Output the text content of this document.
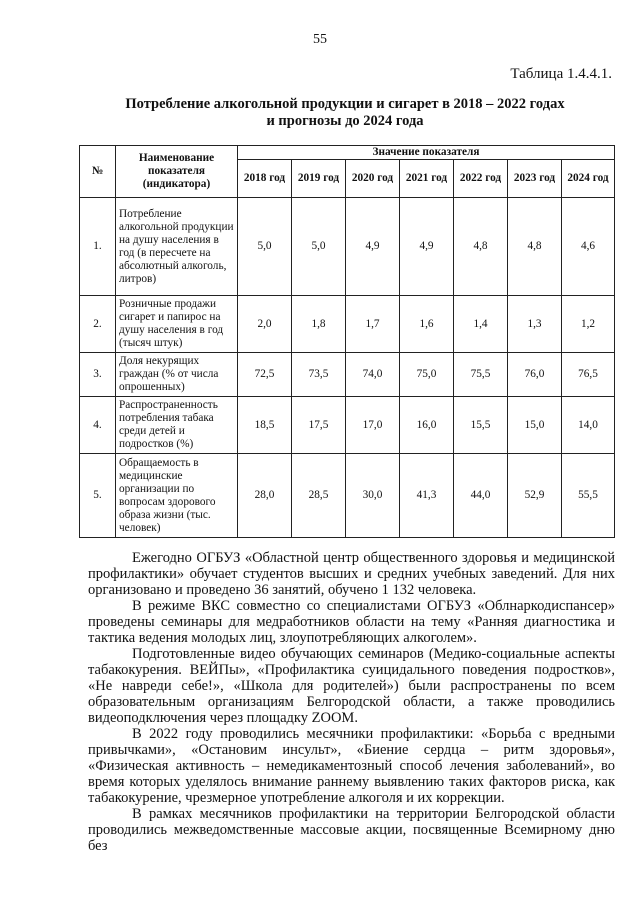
55
Таблица 1.4.4.1.
Потребление алкогольной продукции и сигарет в 2018 – 2022 годах
и прогнозы до 2024 года
№	Наименование показателя (индикатора)	Значение показателя						
		2018 год	2019 год	2020 год	2021 год	2022 год	2023 год	2024 год
1.	Потребление алкогольной продукции на душу населения в год (в пересчете на абсолютный алкоголь, литров)	5,0	5,0	4,9	4,9	4,8	4,8	4,6
2.	Розничные продажи сигарет и папирос на душу населения в год (тысяч штук)	2,0	1,8	1,7	1,6	1,4	1,3	1,2
3.	Доля некурящих граждан (% от числа опрошенных)	72,5	73,5	74,0	75,0	75,5	76,0	76,5
4.	Распространенность потребления табака среди детей и подростков (%)	18,5	17,5	17,0	16,0	15,5	15,0	14,0
5.	Обращаемость в медицинские организации по вопросам здорового образа жизни (тыс. человек)	28,0	28,5	30,0	41,3	44,0	52,9	55,5

Ежегодно ОГБУЗ «Областной центр общественного здоровья и медицинской профилактики» обучает студентов высших и средних учебных заведений. Для них организовано и проведено 36 занятий, обучено 1 132 человека.

В режиме ВКС совместно со специалистами ОГБУЗ «Облнаркодиспансер» проведены семинары для медработников области на тему «Ранняя диагностика и тактика ведения молодых лиц, злоупотребляющих алкоголем».

Подготовленные видео обучающих семинаров (Медико-социальные аспекты табакокурения. ВЕЙПы», «Профилактика суицидального поведения подростков», «Не навреди себе!», «Школа для родителей») были распространены по всем образовательным организациям Белгородской области, а также проводились видеоподключения через площадку ZOOM.

В 2022 году проводились месячники профилактики: «Борьба с вредными привычками», «Остановим инсульт», «Биение сердца – ритм здоровья», «Физическая активность – немедикаментозный способ лечения заболеваний», во время которых уделялось внимание раннему выявлению таких факторов риска, как табакокурение, чрезмерное употребление алкоголя и их коррекции.

В рамках месячников профилактики на территории Белгородской области проводились межведомственные массовые акции, посвященные Всемирному дню без
